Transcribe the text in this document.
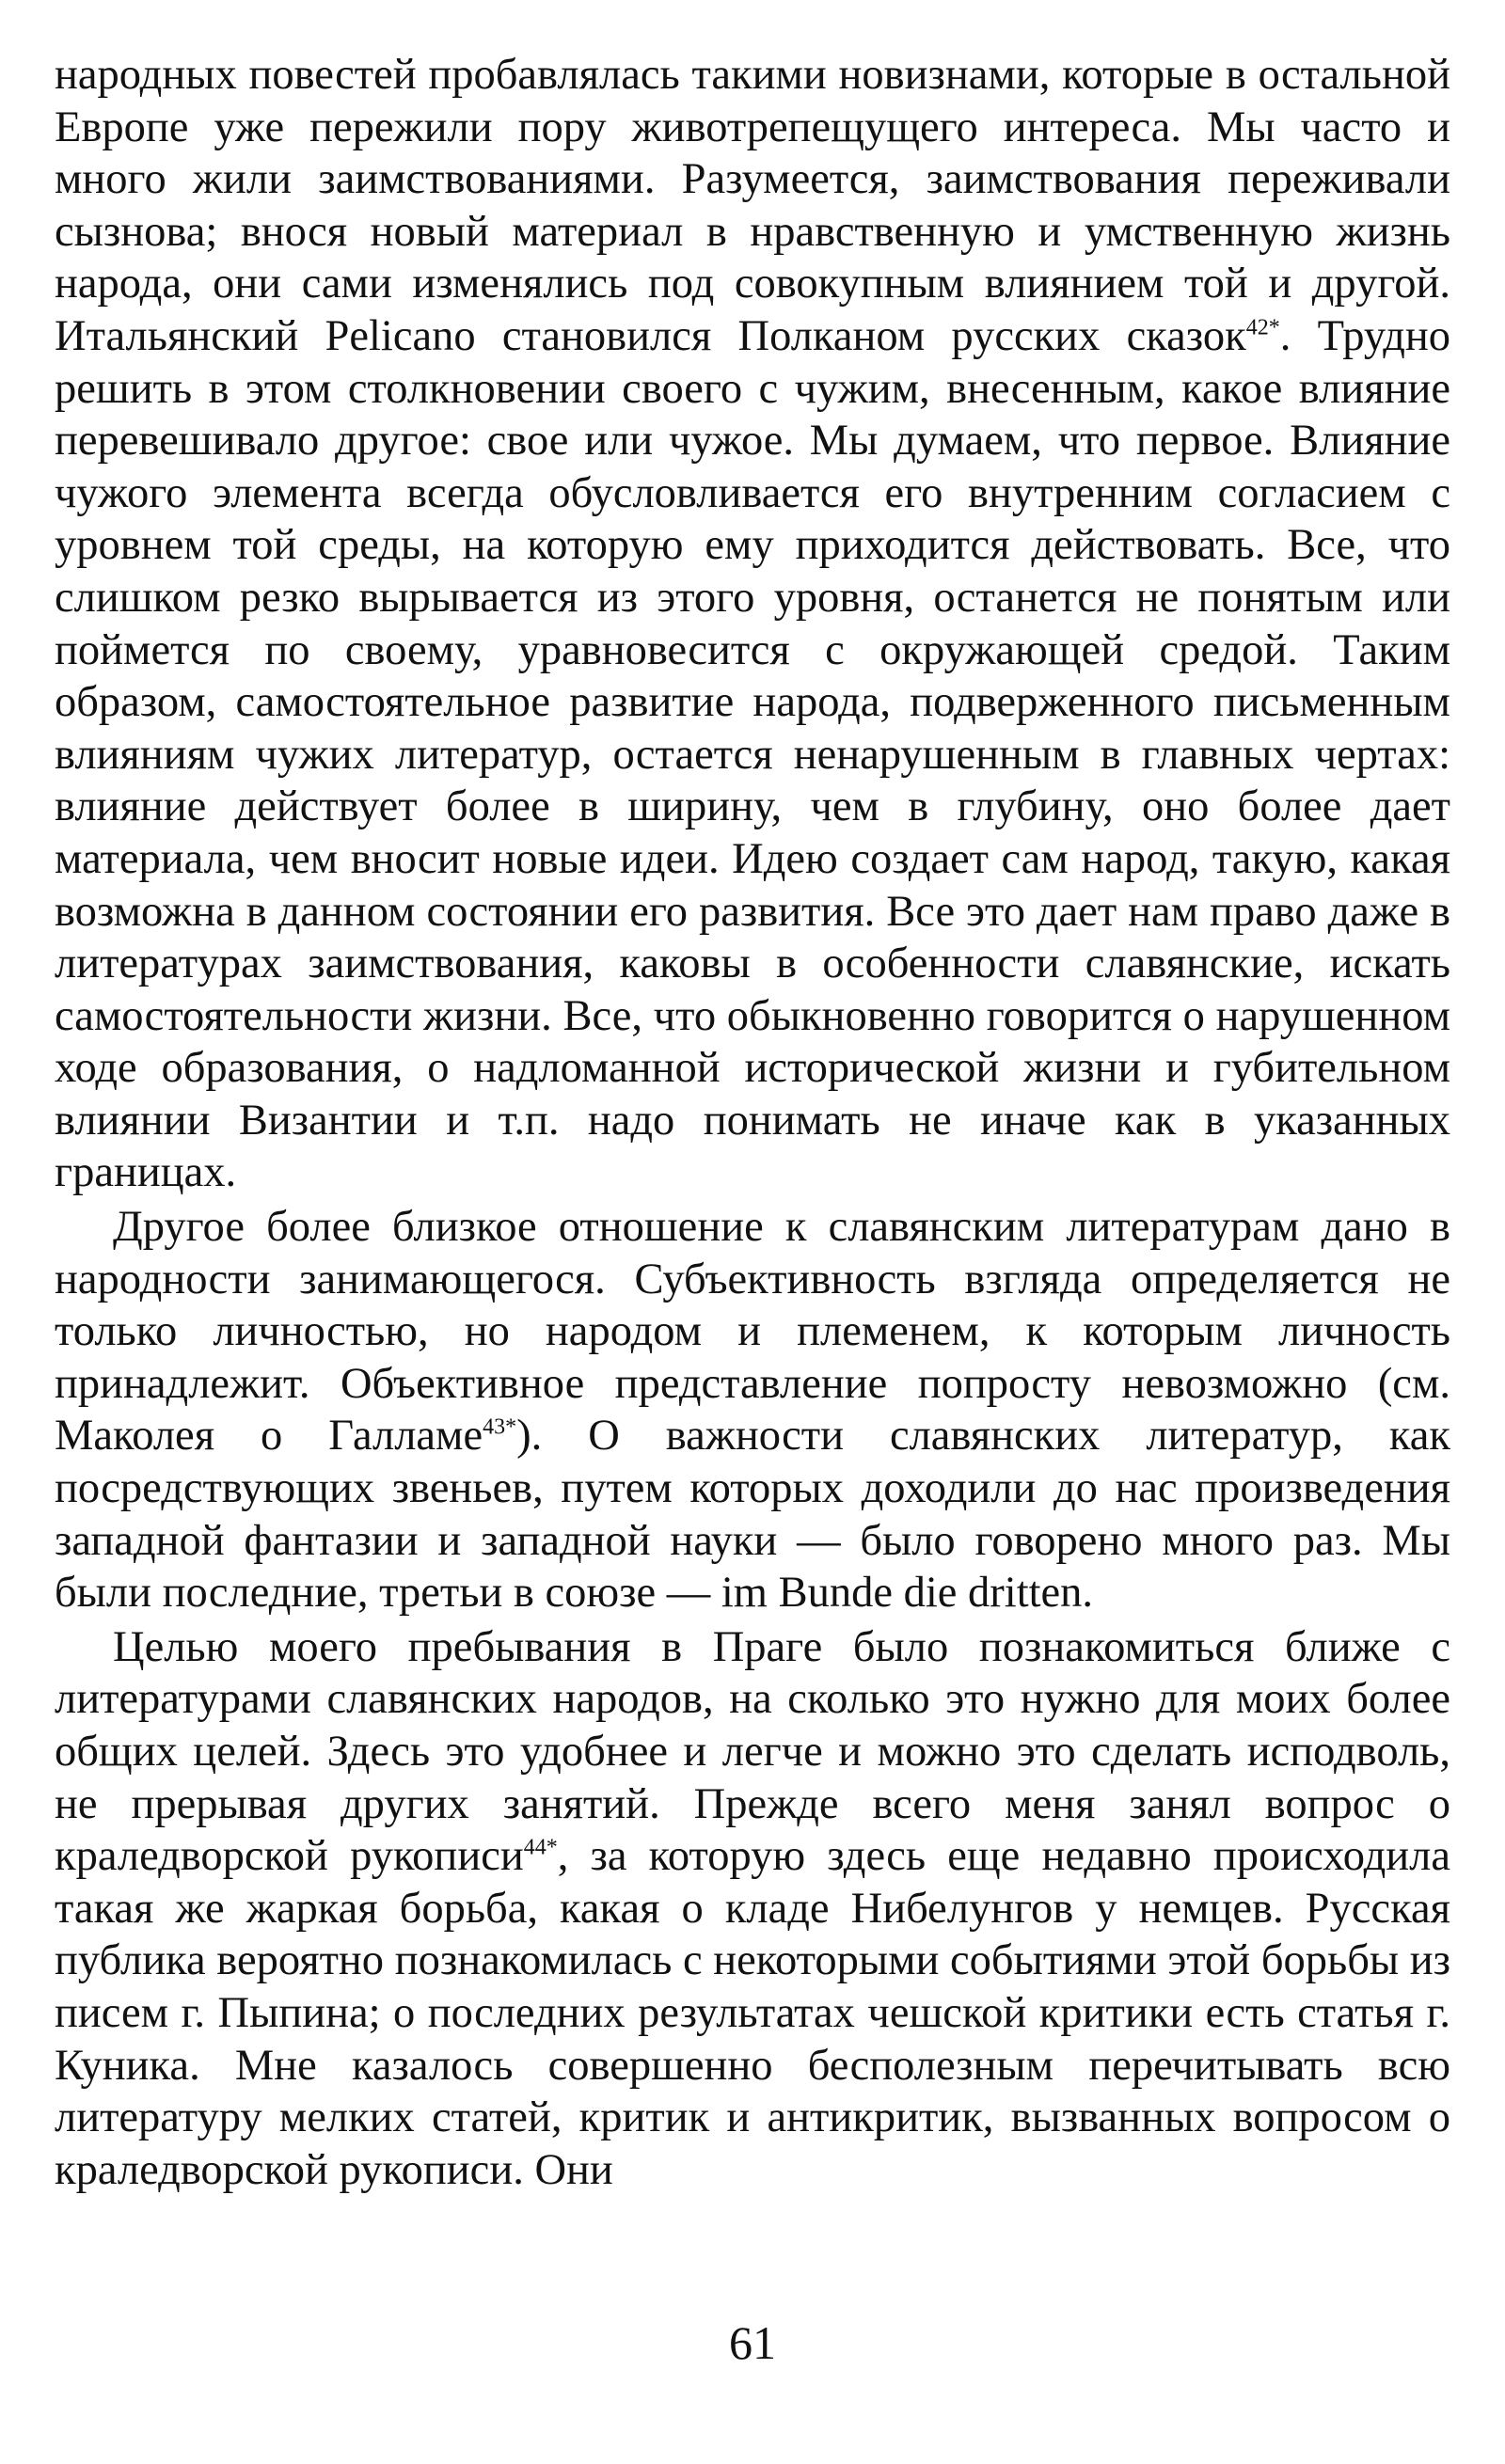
народных повестей пробавлялась такими новизнами, которые в остальной Европе уже пережили пору животрепещущего интереса. Мы часто и много жили заимствованиями. Разумеется, заимствования переживали сызнова; внося новый материал в нравственную и умственную жизнь народа, они сами изменялись под совокупным влиянием той и другой. Итальянский Pelicano становился Полканом русских сказок$^{42*}$. Трудно решить в этом столкновении своего с чужим, внесенным, какое влияние перевешивало другое: свое или чужое. Мы думаем, что первое. Влияние чужого элемента всегда обусловливается его внутренним согласием с уровнем той среды, на которую ему приходится действовать. Все, что слишком резко вырывается из этого уровня, останется не понятым или поймется по своему, уравновесится с окружающей средой. Таким образом, самостоятельное развитие народа, подверженного письменным влияниям чужих литератур, остается ненарушенным в главных чертах: влияние действует более в ширину, чем в глубину, оно более дает материала, чем вносит новые идеи. Идею создает сам народ, такую, какая возможна в данном состоянии его развития. Все это дает нам право даже в литературах заимствования, каковы в особенности славянские, искать самостоятельности жизни. Все, что обыкновенно говорится о нарушенном ходе образования, о надломанной исторической жизни и губительном влиянии Византии и т.п. надо понимать не иначе как в указанных границах.

Другое более близкое отношение к славянским литературам дано в народности занимающегося. Субъективность взгляда определяется не только личностью, но народом и племенем, к которым личность принадлежит. Объективное представление попросту невозможно (см. Маколея о Галламе$^{43*}$). О важности славянских литератур, как посредствующих звеньев, путем которых доходили до нас произведения западной фантазии и западной науки — было говорено много раз. Мы были последние, третьи в союзе — im Bunde die dritten.

Целью моего пребывания в Праге было познакомиться ближе с литературами славянских народов, на сколько это нужно для моих более общих целей. Здесь это удобнее и легче и можно это сделать исподволь, не прерывая других занятий. Прежде всего меня занял вопрос о краледворской рукописи$^{44*}$, за которую здесь еще недавно происходила такая же жаркая борьба, какая о кладе Нибелунгов у немцев. Русская публика вероятно познакомилась с некоторыми событиями этой борьбы из писем г. Пыпина; о последних результатах чешской критики есть статья г. Куника. Мне казалось совершенно бесполезным перечитывать всю литературу мелких статей, критик и антикритик, вызванных вопросом о краледворской рукописи. Они

61
